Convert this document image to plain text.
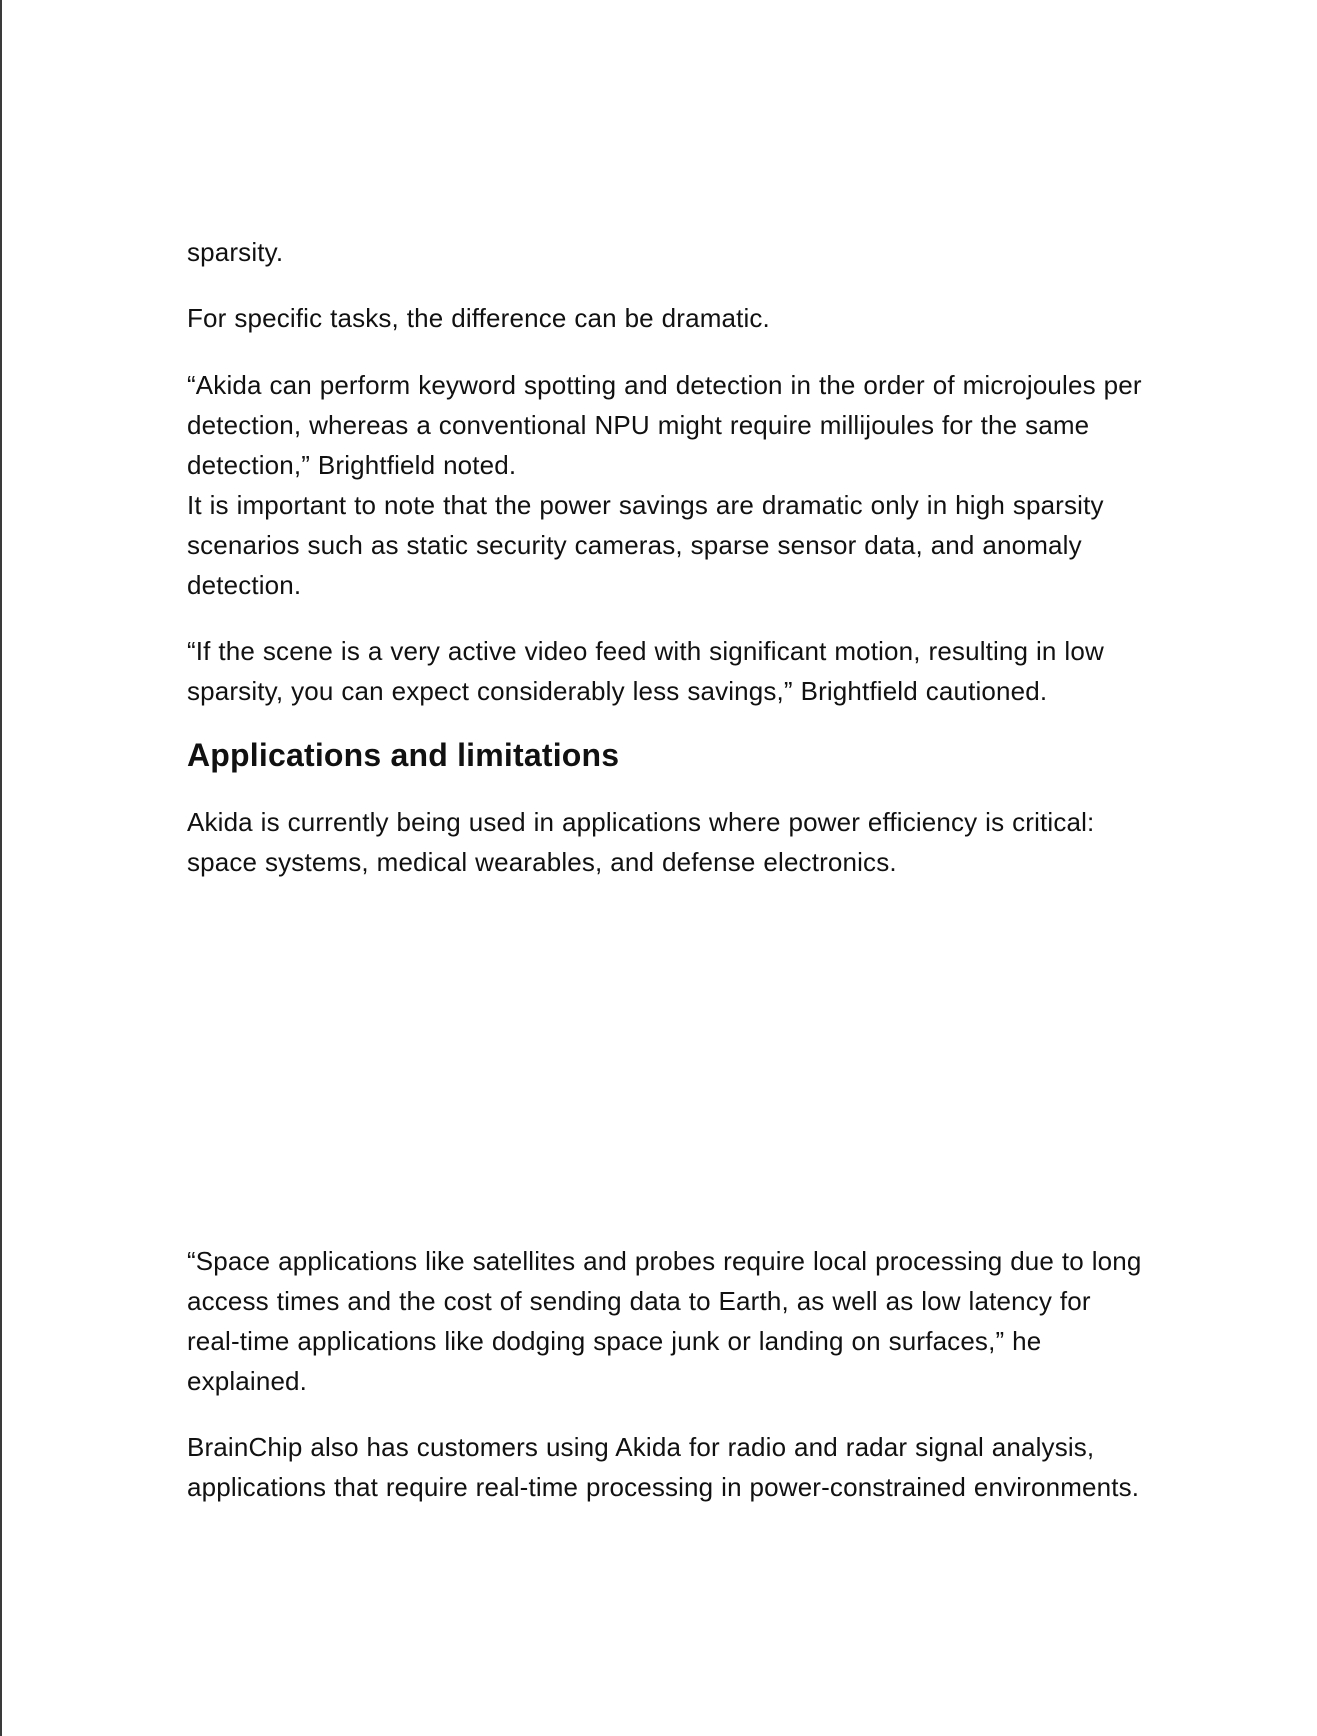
sparsity.

For specific tasks, the difference can be dramatic.

“Akida can perform keyword spotting and detection in the order of microjoules per
detection, whereas a conventional NPU might require millijoules for the same
detection,” Brightfield noted.
It is important to note that the power savings are dramatic only in high sparsity
scenarios such as static security cameras, sparse sensor data, and anomaly
detection.
“If the scene is a very active video feed with significant motion, resulting in low
sparsity, you can expect considerably less savings,” Brightfield cautioned.
Applications and limitations
Akida is currently being used in applications where power efficiency is critical:
space systems, medical wearables, and defense electronics.
“Space applications like satellites and probes require local processing due to long
access times and the cost of sending data to Earth, as well as low latency for
real-time applications like dodging space junk or landing on surfaces,” he
explained.
BrainChip also has customers using Akida for radio and radar signal analysis,
applications that require real-time processing in power-constrained environments.
